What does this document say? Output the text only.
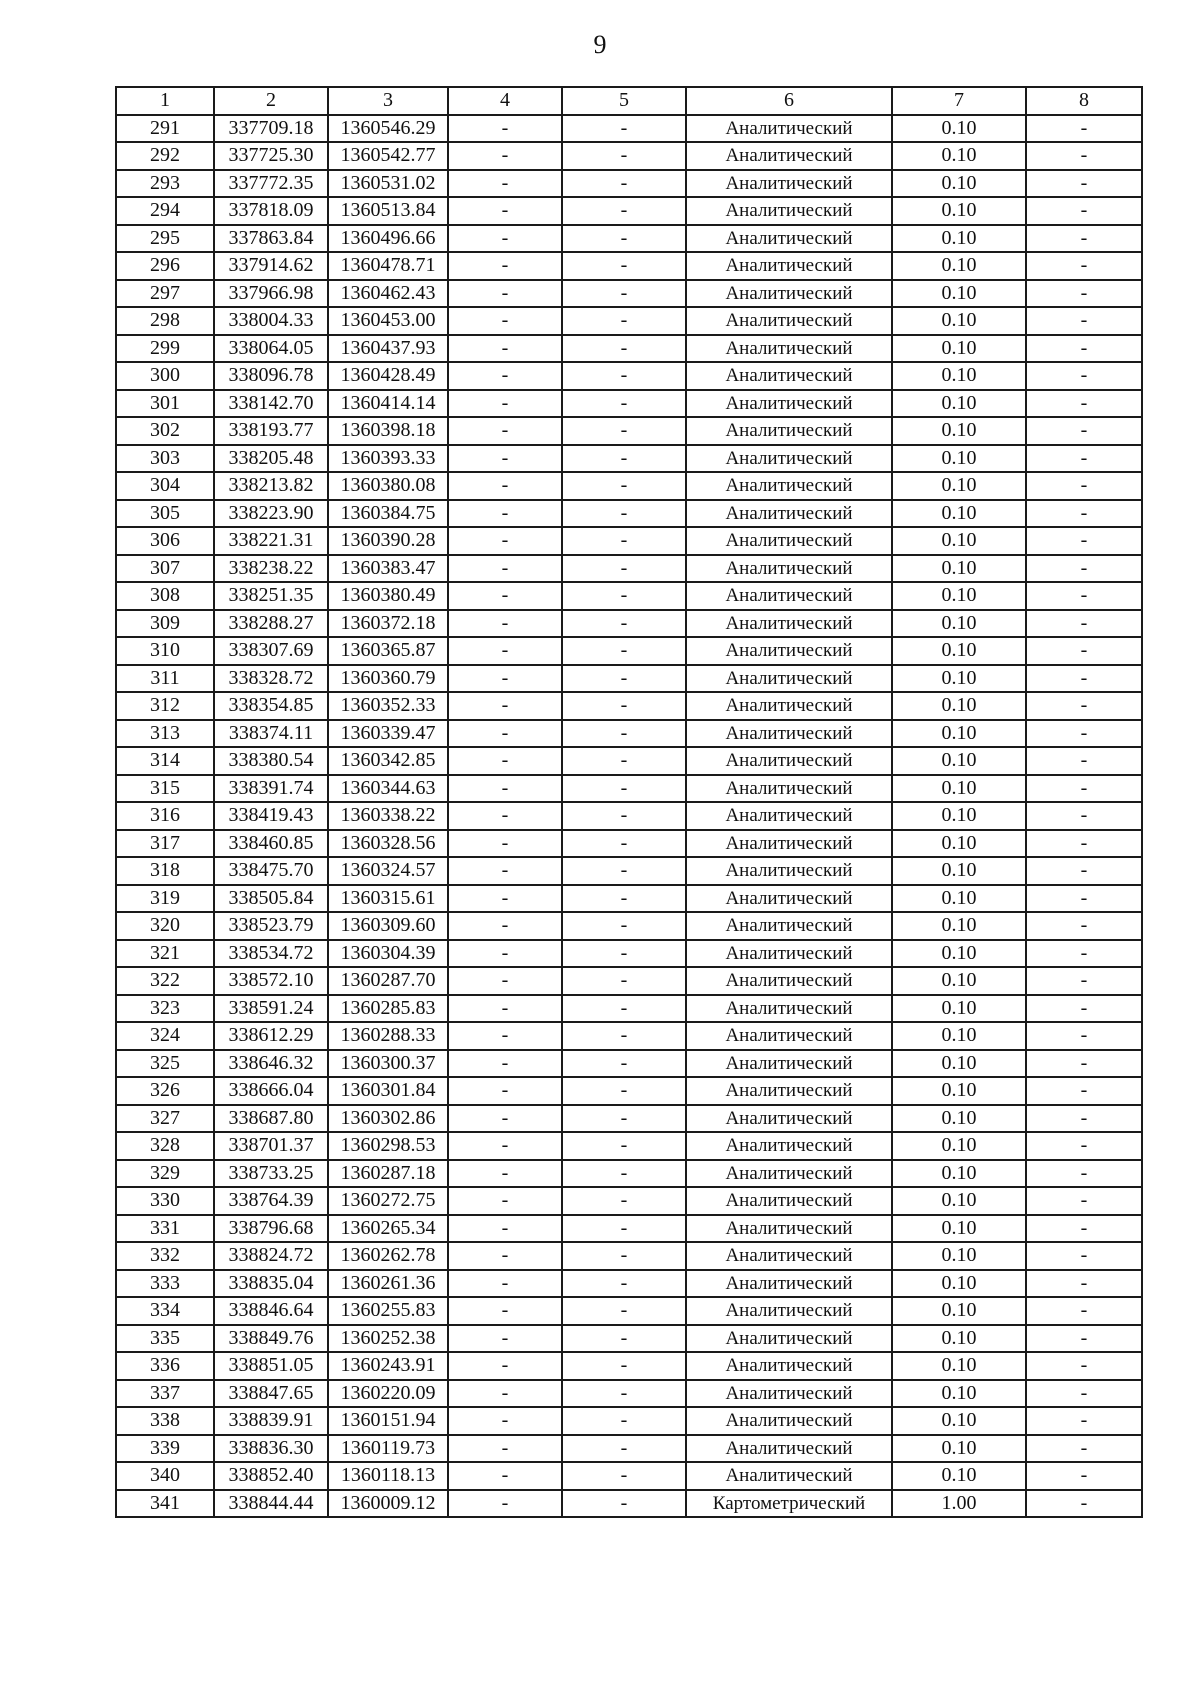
9
1	2	3	4	5	6	7	8
291	337709.18	1360546.29	-	-	Аналитический	0.10	-
292	337725.30	1360542.77	-	-	Аналитический	0.10	-
293	337772.35	1360531.02	-	-	Аналитический	0.10	-
294	337818.09	1360513.84	-	-	Аналитический	0.10	-
295	337863.84	1360496.66	-	-	Аналитический	0.10	-
296	337914.62	1360478.71	-	-	Аналитический	0.10	-
297	337966.98	1360462.43	-	-	Аналитический	0.10	-
298	338004.33	1360453.00	-	-	Аналитический	0.10	-
299	338064.05	1360437.93	-	-	Аналитический	0.10	-
300	338096.78	1360428.49	-	-	Аналитический	0.10	-
301	338142.70	1360414.14	-	-	Аналитический	0.10	-
302	338193.77	1360398.18	-	-	Аналитический	0.10	-
303	338205.48	1360393.33	-	-	Аналитический	0.10	-
304	338213.82	1360380.08	-	-	Аналитический	0.10	-
305	338223.90	1360384.75	-	-	Аналитический	0.10	-
306	338221.31	1360390.28	-	-	Аналитический	0.10	-
307	338238.22	1360383.47	-	-	Аналитический	0.10	-
308	338251.35	1360380.49	-	-	Аналитический	0.10	-
309	338288.27	1360372.18	-	-	Аналитический	0.10	-
310	338307.69	1360365.87	-	-	Аналитический	0.10	-
311	338328.72	1360360.79	-	-	Аналитический	0.10	-
312	338354.85	1360352.33	-	-	Аналитический	0.10	-
313	338374.11	1360339.47	-	-	Аналитический	0.10	-
314	338380.54	1360342.85	-	-	Аналитический	0.10	-
315	338391.74	1360344.63	-	-	Аналитический	0.10	-
316	338419.43	1360338.22	-	-	Аналитический	0.10	-
317	338460.85	1360328.56	-	-	Аналитический	0.10	-
318	338475.70	1360324.57	-	-	Аналитический	0.10	-
319	338505.84	1360315.61	-	-	Аналитический	0.10	-
320	338523.79	1360309.60	-	-	Аналитический	0.10	-
321	338534.72	1360304.39	-	-	Аналитический	0.10	-
322	338572.10	1360287.70	-	-	Аналитический	0.10	-
323	338591.24	1360285.83	-	-	Аналитический	0.10	-
324	338612.29	1360288.33	-	-	Аналитический	0.10	-
325	338646.32	1360300.37	-	-	Аналитический	0.10	-
326	338666.04	1360301.84	-	-	Аналитический	0.10	-
327	338687.80	1360302.86	-	-	Аналитический	0.10	-
328	338701.37	1360298.53	-	-	Аналитический	0.10	-
329	338733.25	1360287.18	-	-	Аналитический	0.10	-
330	338764.39	1360272.75	-	-	Аналитический	0.10	-
331	338796.68	1360265.34	-	-	Аналитический	0.10	-
332	338824.72	1360262.78	-	-	Аналитический	0.10	-
333	338835.04	1360261.36	-	-	Аналитический	0.10	-
334	338846.64	1360255.83	-	-	Аналитический	0.10	-
335	338849.76	1360252.38	-	-	Аналитический	0.10	-
336	338851.05	1360243.91	-	-	Аналитический	0.10	-
337	338847.65	1360220.09	-	-	Аналитический	0.10	-
338	338839.91	1360151.94	-	-	Аналитический	0.10	-
339	338836.30	1360119.73	-	-	Аналитический	0.10	-
340	338852.40	1360118.13	-	-	Аналитический	0.10	-
341	338844.44	1360009.12	-	-	Картометрический	1.00	-
